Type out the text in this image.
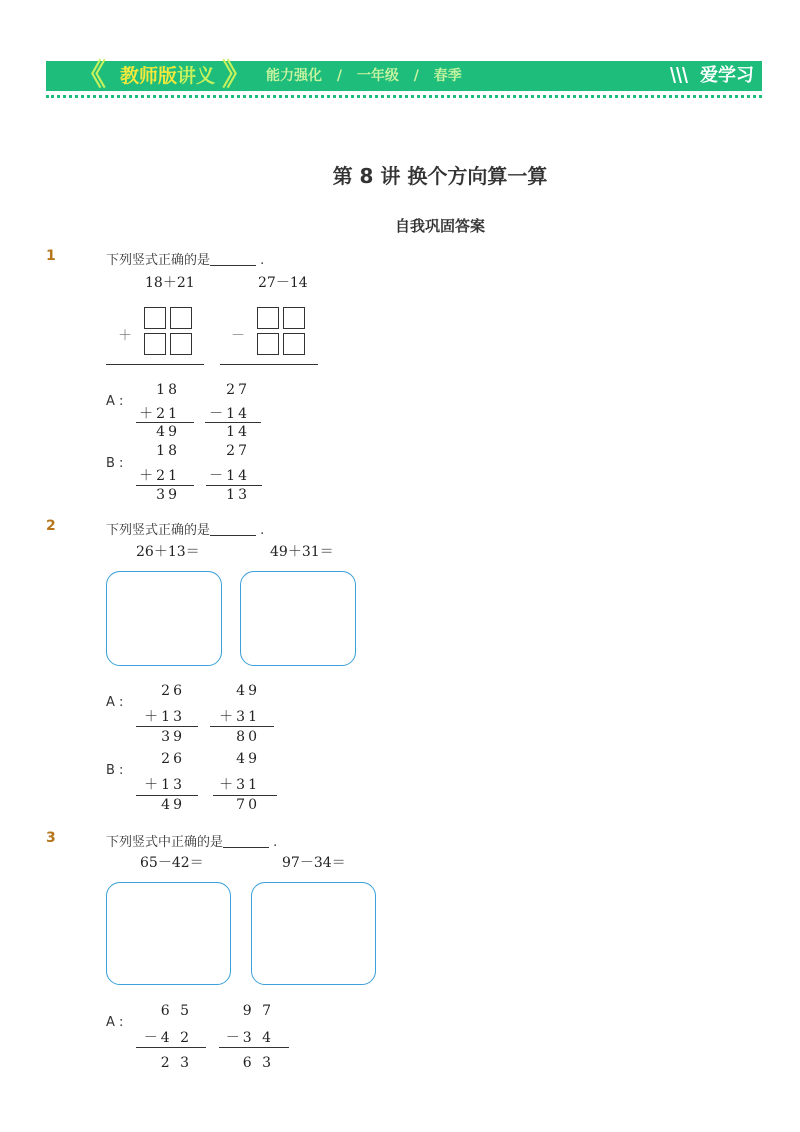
《 教师版讲义 》 能力强化 / 一年级 / 春季	爱学习
第 8 讲 换个方向算一算
自我巩固答案
1	下列竖式正确的是	.
18＋21	27－14
＋	－
A :
18
＋21
49
27
－14
14
B :
18
＋21
39
27
－14
13
2	下列竖式正确的是	.
26＋13＝	49＋31＝
A :
26
＋13
39
49
＋31
80
B :
26
＋13
49
49
＋31
70
3	下列竖式中正确的是	.
65－42＝	97－34＝
A :
6 5
－4 2
2 3
9 7
－3 4
6 3
